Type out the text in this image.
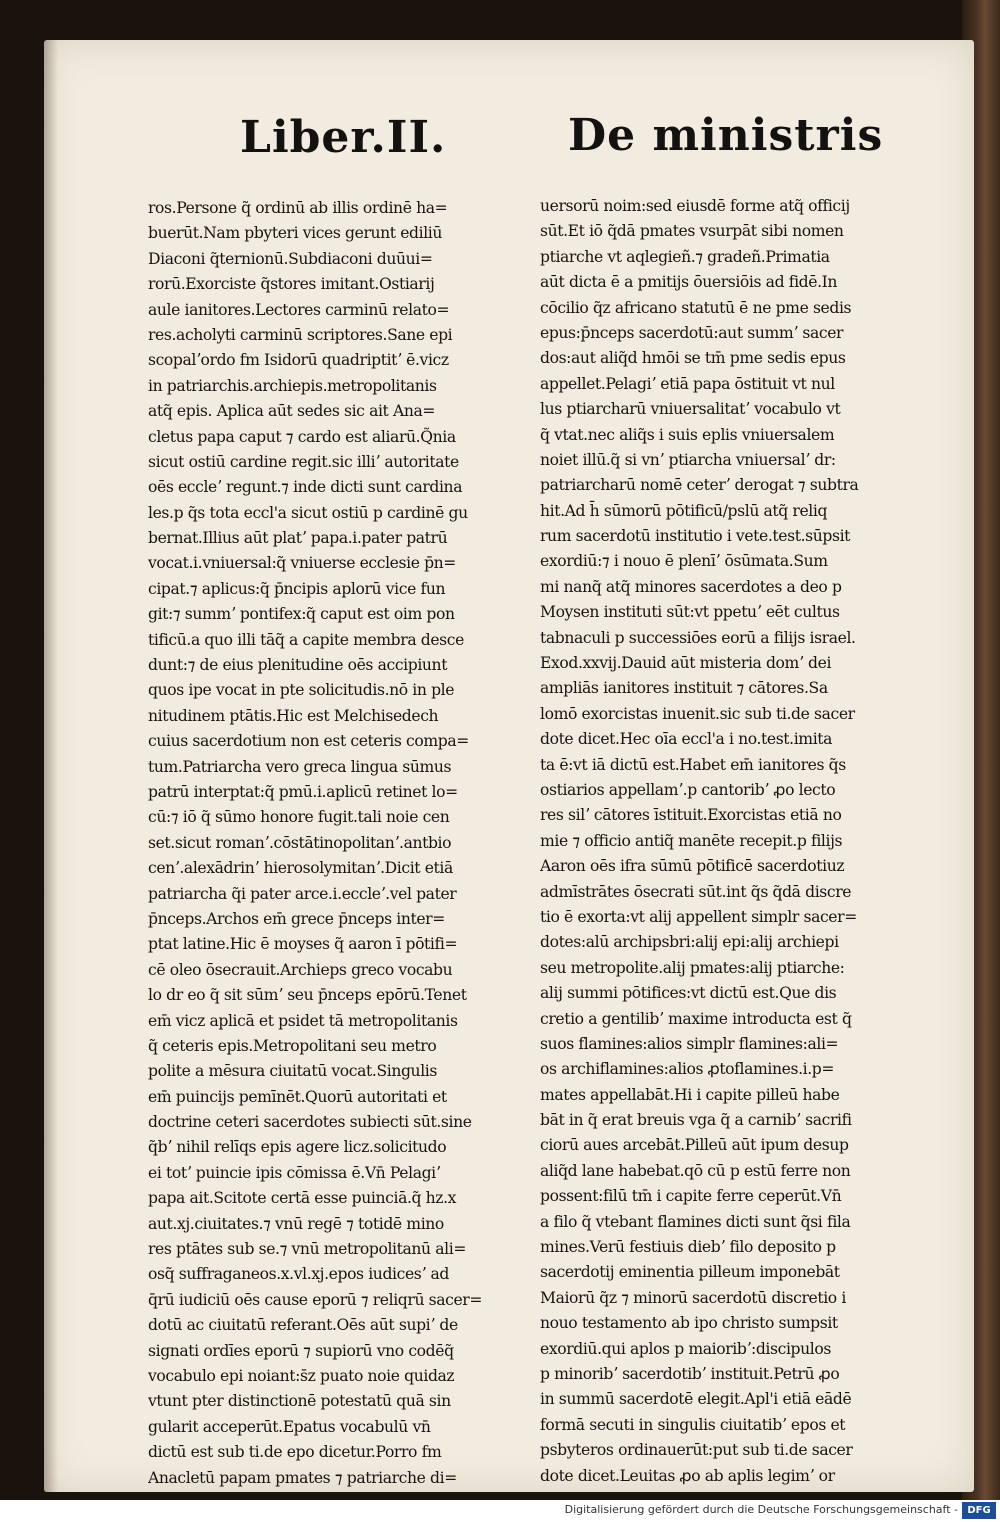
Liber.II.	De ministris
ros.Persone q̃ ordinū ab illis ordinē ha=
buerūt.Nam pbyteri vices gerunt ediliū
Diaconi q̃ternionū.Subdiaconi duūui=
rorū.Exorciste q̃stores imitant.Ostiarij
aule ianitores.Lectores carminū relato=
res.acholyti carminū scriptores.Sane epi
scopalʼordo fm Isidorū quadriptitʼ ē.vicz
in patriarchis.archiepis.metropolitanis
atq̃ epis. Aplica aūt sedes sic ait Ana=
cletus papa caput ⁊ cardo est aliarū.Q̃nia
sicut ostiū cardine regit.sic illiʼ autoritate
oēs eccleʼ regunt.⁊ inde dicti sunt cardina
les.p q̃s tota eccl'a sicut ostiū p cardinē gu
bernat.Illius aūt platʼ papa.i.pater patrū
vocat.i.vniuersal:q̃ vniuerse ecclesie p̄n=
cipat.⁊ aplicus:q̃ p̄ncipis aplorū vice fun
git:⁊ summʼ pontifex:q̃ caput est oim pon
tificū.a quo illi tāq̃ a capite membra desce
dunt:⁊ de eius plenitudine oēs accipiunt
quos ipe vocat in pte solicitudis.nō in ple
nitudinem ptātis.Hic est Melchisedech
cuius sacerdotium non est ceteris compa=
tum.Patriarcha vero greca lingua sūmus
patrū interptat:q̃ pmū.i.aplicū retinet lo=
cū:⁊ iō q̃ sūmo honore fugit.tali noie cen
set.sicut romanʼ.cōstātinopolitanʼ.antbio
cenʼ.alexādrinʼ hierosolymitanʼ.Dicit etiā
patriarcha q̃i pater arce.i.eccleʼ.vel pater
p̄nceps.Archos em̄ grece p̄nceps inter=
ptat latine.Hic ē moyses q̃ aaron ī pōtifi=
cē oleo ōsecrauit.Archieps greco vocabu
lo dr eo q̃ sit sūmʼ seu p̄nceps epōrū.Tenet
em̄ vicz aplicā et psidet tā metropolitanis
q̃ ceteris epis.Metropolitani seu metro
polite a mēsura ciuitatū vocat.Singulis
em̄ puincijs pemīnēt.Quorū autoritati et
doctrine ceteri sacerdotes subiecti sūt.sine
q̃bʼ nihil relīqs epis agere licz.solicitudo
ei totʼ puincie ipis cōmissa ē.Vn̄ Pelagiʼ
papa ait.Scitote certā esse puinciā.q̃ hz.x
aut.xj.ciuitates.⁊ vnū regē ⁊ totidē mino
res ptātes sub se.⁊ vnū metropolitanū ali=
osq̃ suffraganeos.x.vl.xj.epos iudicesʼ ad
q̄rū iudiciū oēs cause eporū ⁊ reliqrū sacer=
dotū ac ciuitatū referant.Oēs aūt supiʼ de
signati ordīes eporū ⁊ supiorū vno codēq̃
vocabulo epi noiant:s̄z puato noie quidaz
vtunt pter distinctionē potestatū quā sin
gularit acceperūt.Epatus vocabulū vn̄
dictū est sub ti.de epo dicetur.Porro fm
Anacletū papam pmates ⁊ patriarche di=
uersorū noim:sed eiusdē forme atq̃ officij
sūt.Et iō q̃dā pmates vsurpāt sibi nomen
ptiarche vt aqlegieñ.⁊ gradeñ.Primatia
aūt dicta ē a pmitijs ōuersiōis ad fidē.In
cōcilio q̃z africano statutū ē ne pme sedis
epus:p̄nceps sacerdotū:aut summʼ sacer
dos:aut aliq̃d hmōi se tm̄ pme sedis epus
appellet.Pelagiʼ etiā papa ōstituit vt nul
lus ptiarcharū vniuersalitatʼ vocabulo vt
q̃ vtat.nec aliq̃s i suis eplis vniuersalem
noiet illū.q̃ si vnʼ ptiarcha vniuersalʼ dr:
patriarcharū nomē ceterʼ derogat ⁊ subtra
hit.Ad h̄ sūmorū pōtificū/pslū atq̃ reliq
rum sacerdotū institutio i vete.test.sūpsit
exordiū:⁊ i nouo ē plenīʼ ōsūmata.Sum
mi nanq̃ atq̃ minores sacerdotes a deo p
Moysen instituti sūt:vt ppetuʼ eēt cultus
tabnaculi p successiōes eorū a filijs israel.
Exod.xxvij.Dauid aūt misteria domʼ dei
ampliās ianitores instituit ⁊ cātores.Sa
lomō exorcistas inuenit.sic sub ti.de sacer
dote dicet.Hec oīa eccl'a i no.test.imita
ta ē:vt iā dictū est.Habet em̄ ianitores q̃s
ostiarios appellamʼ.p cantoribʼ ꝓo lecto
res silʼ cātores īstituit.Exorcistas etiā no
mie ⁊ officio antiq̃ manēte recepit.p filijs
Aaron oēs ifra sūmū pōtificē sacerdotiuz
admīstrātes ōsecrati sūt.int q̃s q̃dā discre
tio ē exorta:vt alij appellent simplr sacer=
dotes:alū archipsbri:alij epi:alij archiepi
seu metropolite.alij pmates:alij ptiarche:
alij summi pōtifices:vt dictū est.Que dis
cretio a gentilibʼ maxime introducta est q̃
suos flamines:alios simplr flamines:ali=
os archiflamines:alios ꝓtoflamines.i.p=
mates appellabāt.Hi i capite pilleū habe
bāt in q̃ erat breuis vga q̃ a carnibʼ sacrifi
ciorū aues arcebāt.Pilleū aūt ipum desup
aliq̃d lane habebat.qō cū p estū ferre non
possent:filū tm̄ i capite ferre ceperūt.Vn̄
a filo q̃ vtebant flamines dicti sunt q̃si fila
mines.Verū festiuis diebʼ filo deposito p
sacerdotij eminentia pilleum imponebāt
Maiorū q̃z ⁊ minorū sacerdotū discretio i
nouo testamento ab ipo christo sumpsit
exordiū.qui aplos p maioribʼ:discipulos
p minoribʼ sacerdotibʼ instituit.Petrū ꝓo
in summū sacerdotē elegit.Apl'i etiā eādē
formā secuti in singulis ciuitatibʼ epos et
psbyteros ordinauerūt:put sub ti.de sacer
dote dicet.Leuitas ꝓo ab aplis legimʼ or
Digitalisierung gefördert durch die Deutsche Forschungsgemeinschaft - DFG
